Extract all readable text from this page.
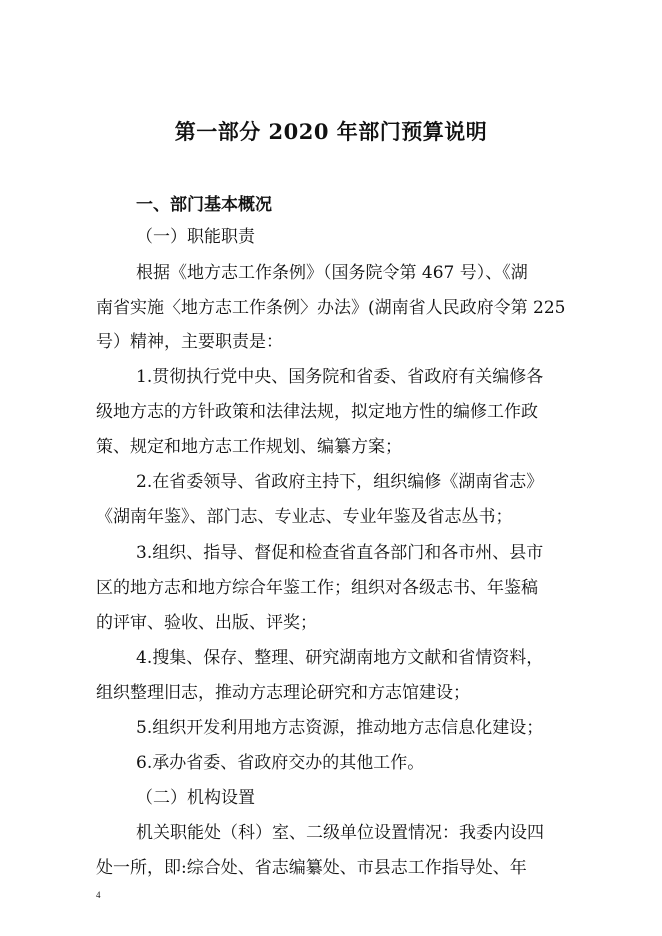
第一部分 2020 年部门预算说明
一、部门基本概况
（一）职能职责
根据《地方志工作条例》（国务院令第 467 号）、《湖
南省实施〈地方志工作条例〉办法》(湖南省人民政府令第 225
号）精神，主要职责是：
1.贯彻执行党中央、国务院和省委、省政府有关编修各
级地方志的方针政策和法律法规，拟定地方性的编修工作政
策、规定和地方志工作规划、编纂方案；
2.在省委领导、省政府主持下，组织编修《湖南省志》
《湖南年鉴》、部门志、专业志、专业年鉴及省志丛书；
3.组织、指导、督促和检查省直各部门和各市州、县市
区的地方志和地方综合年鉴工作；组织对各级志书、年鉴稿
的评审、验收、出版、评奖；
4.搜集、保存、整理、研究湖南地方文献和省情资料，
组织整理旧志，推动方志理论研究和方志馆建设；
5.组织开发利用地方志资源，推动地方志信息化建设；
6.承办省委、省政府交办的其他工作。
（二）机构设置
机关职能处（科）室、二级单位设置情况：我委内设四
处一所，即:综合处、省志编纂处、市县志工作指导处、年
4
